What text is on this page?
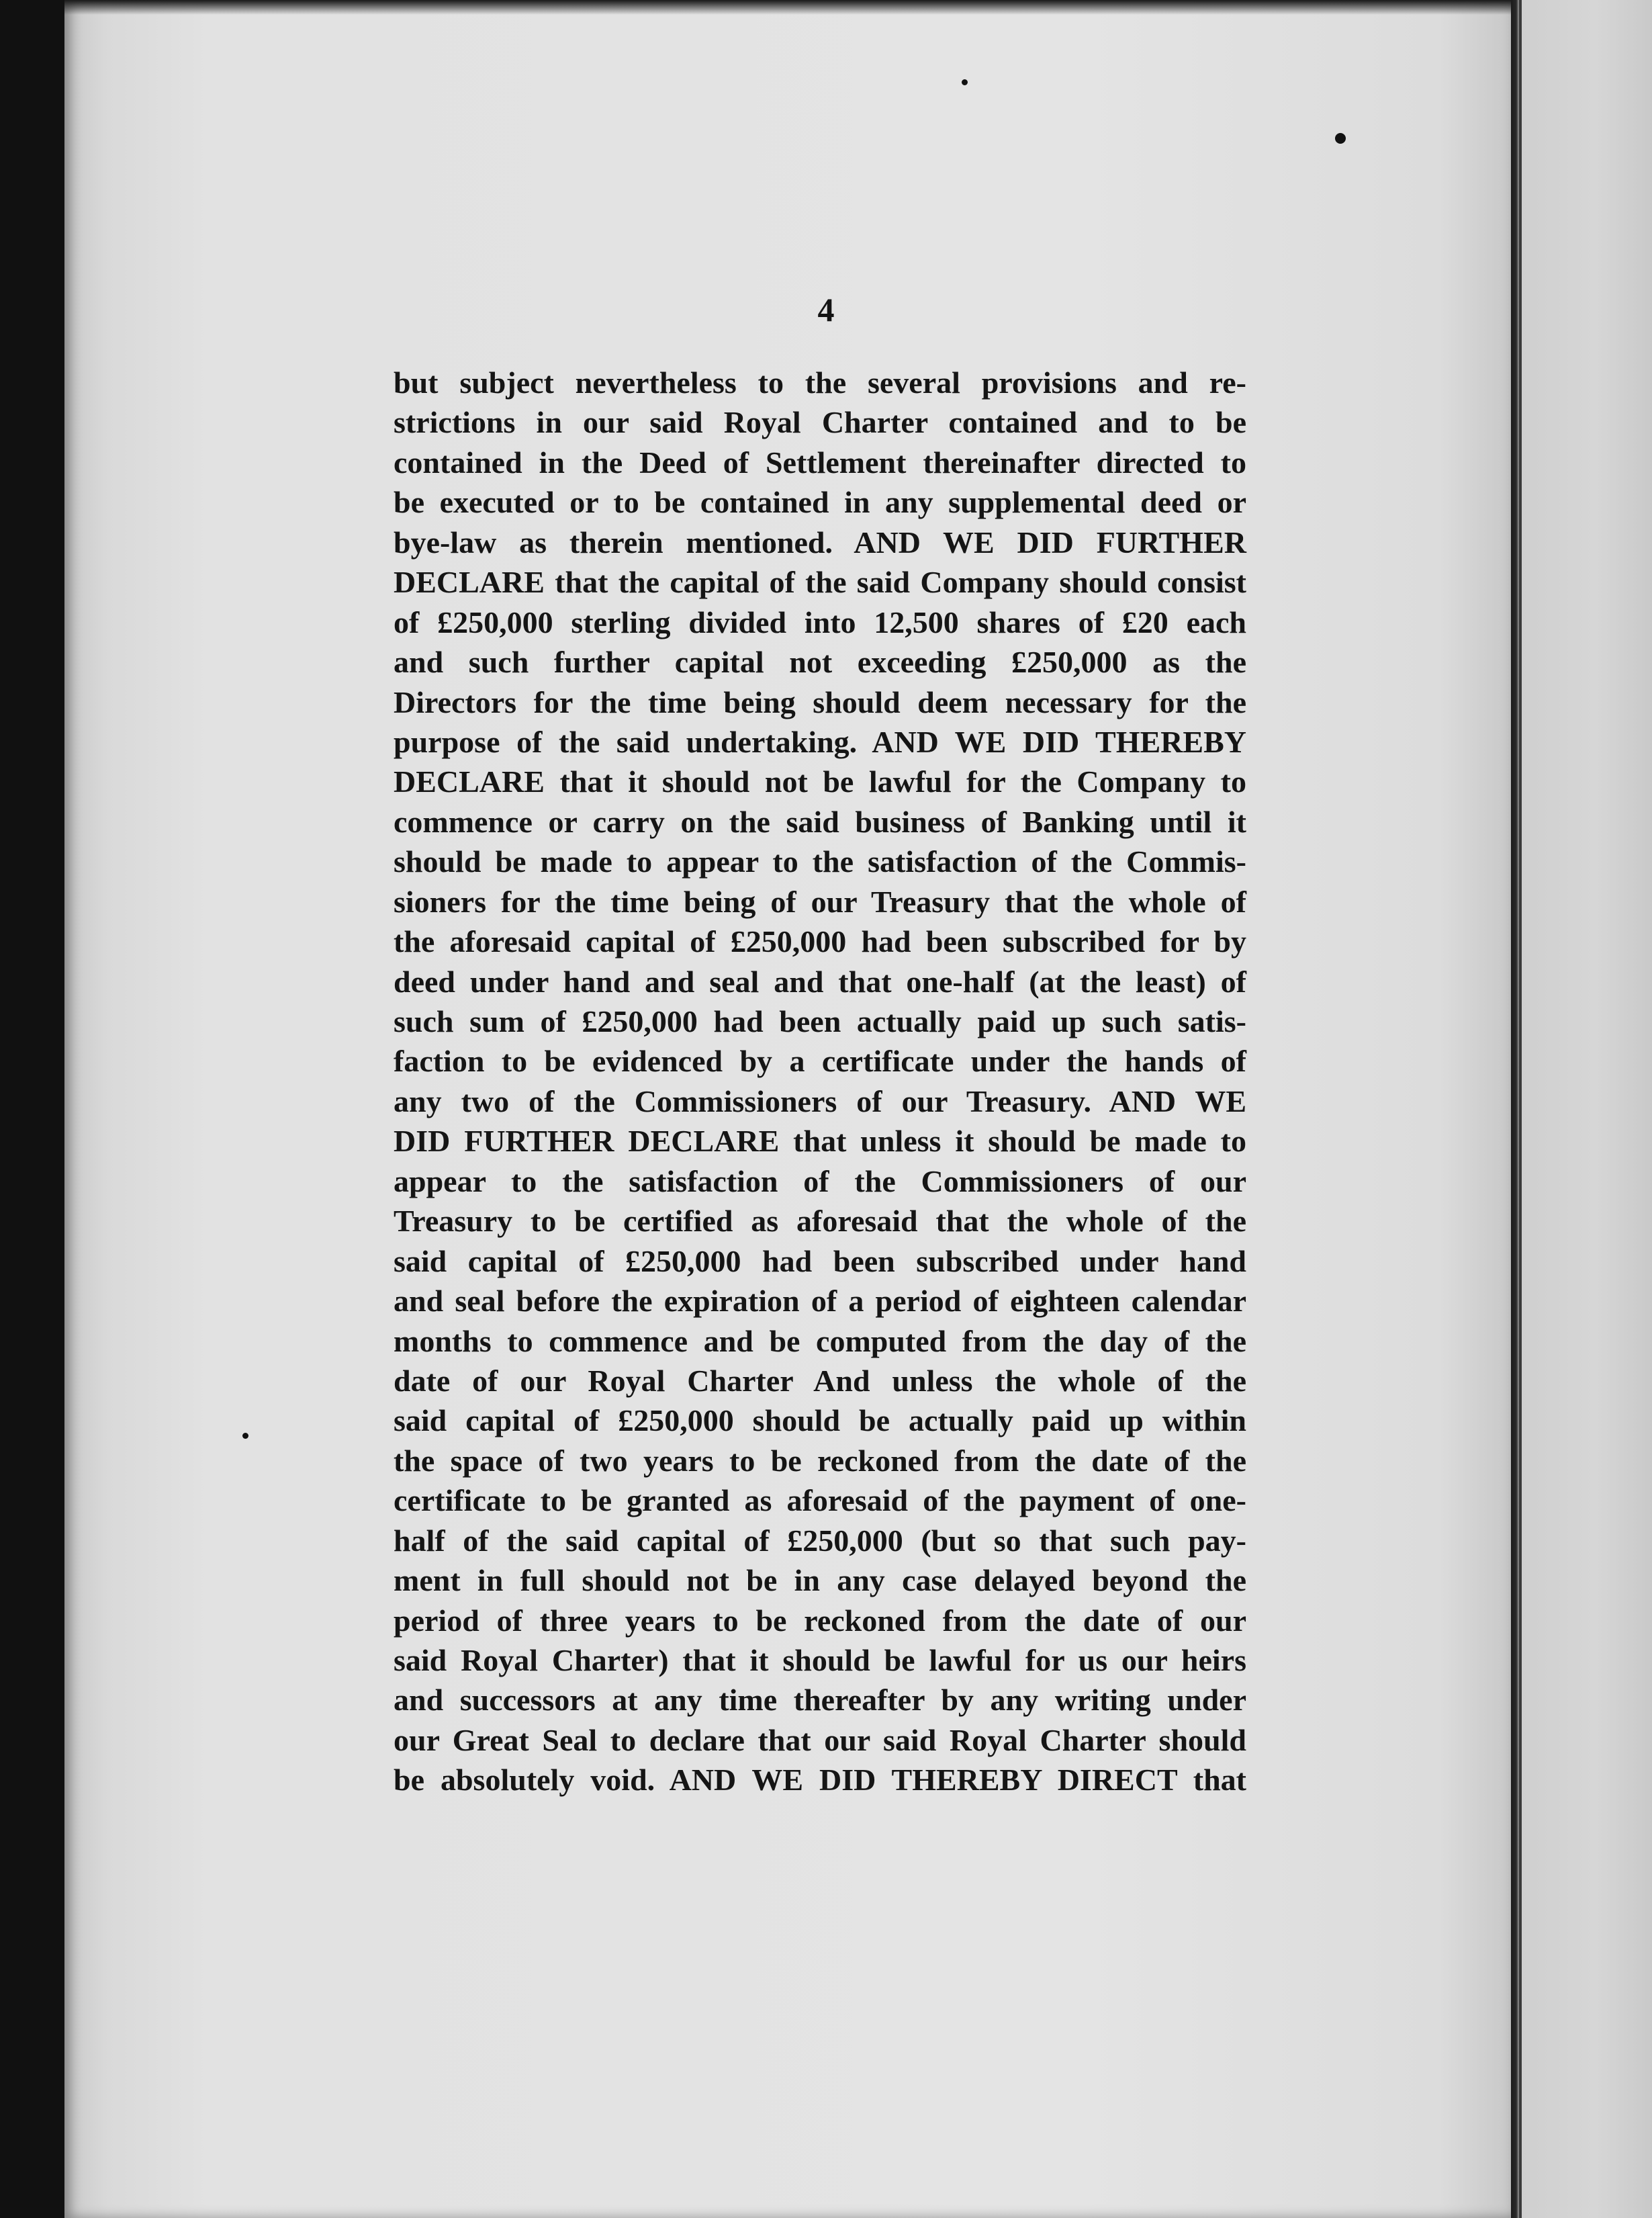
4
but subject nevertheless to the several provisions and re-
strictions in our said Royal Charter contained and to be
contained in the Deed of Settlement thereinafter directed to
be executed or to be contained in any supplemental deed or
bye-law as therein mentioned. AND WE DID FURTHER
DECLARE that the capital of the said Company should consist
of £250,000 sterling divided into 12,500 shares of £20 each
and such further capital not exceeding £250,000 as the
Directors for the time being should deem necessary for the
purpose of the said undertaking. AND WE DID THEREBY
DECLARE that it should not be lawful for the Company to
commence or carry on the said business of Banking until it
should be made to appear to the satisfaction of the Commis-
sioners for the time being of our Treasury that the whole of
the aforesaid capital of £250,000 had been subscribed for by
deed under hand and seal and that one-half (at the least) of
such sum of £250,000 had been actually paid up such satis-
faction to be evidenced by a certificate under the hands of
any two of the Commissioners of our Treasury. AND WE
DID FURTHER DECLARE that unless it should be made to
appear to the satisfaction of the Commissioners of our
Treasury to be certified as aforesaid that the whole of the
said capital of £250,000 had been subscribed under hand
and seal before the expiration of a period of eighteen calendar
months to commence and be computed from the day of the
date of our Royal Charter And unless the whole of the
said capital of £250,000 should be actually paid up within
the space of two years to be reckoned from the date of the
certificate to be granted as aforesaid of the payment of one-
half of the said capital of £250,000 (but so that such pay-
ment in full should not be in any case delayed beyond the
period of three years to be reckoned from the date of our
said Royal Charter) that it should be lawful for us our heirs
and successors at any time thereafter by any writing under
our Great Seal to declare that our said Royal Charter should
be absolutely void. AND WE DID THEREBY DIRECT that
